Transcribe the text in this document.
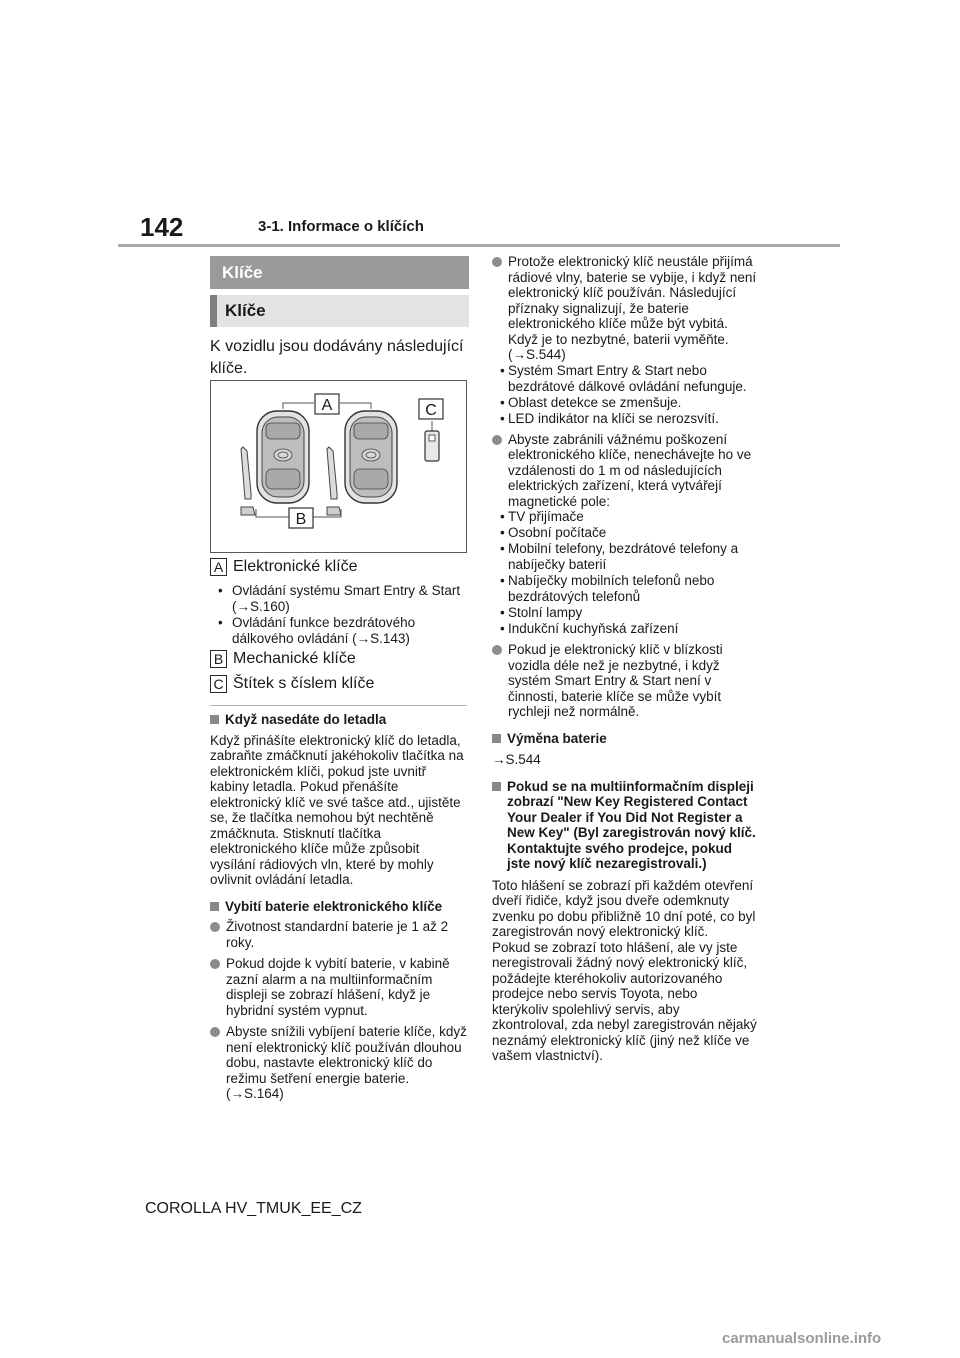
142	3-1. Informace o klíčích
Klíče
Klíče
K vozidlu jsou dodávány následující klíče.
A
B
C
A Elektronické klíče
• Ovládání systému Smart Entry & Start (→S.160)
• Ovládání funkce bezdrátového dálkového ovládání (→S.143)
B Mechanické klíče
C Štítek s číslem klíče
Když nasedáte do letadla
Když přinášíte elektronický klíč do letadla, zabraňte zmáčknutí jakéhokoliv tlačítka na elektronickém klíči, pokud jste uvnitř kabiny letadla. Pokud přenášíte elektronický klíč ve své tašce atd., ujistěte se, že tlačítka nemohou být nechtěně zmáčknuta. Stisknutí tlačítka elektronického klíče může způsobit vysílání rádiových vln, které by mohly ovlivnit ovládání letadla.
Vybití baterie elektronického klíče
Životnost standardní baterie je 1 až 2 roky.
Pokud dojde k vybití baterie, v kabině zazní alarm a na multiinformačním displeji se zobrazí hlášení, když je hybridní systém vypnut.
Abyste snížili vybíjení baterie klíče, když není elektronický klíč používán dlouhou dobu, nastavte elektronický klíč do režimu šetření energie baterie. (→S.164)
Protože elektronický klíč neustále přijímá rádiové vlny, baterie se vybije, i když není elektronický klíč používán. Následující příznaky signalizují, že baterie elektronického klíče může být vybitá. Když je to nezbytné, baterii vyměňte. (→S.544)
• Systém Smart Entry & Start nebo bezdrátové dálkové ovládání nefunguje.
• Oblast detekce se zmenšuje.
• LED indikátor na klíči se nerozsvítí.
Abyste zabránili vážnému poškození elektronického klíče, nenechávejte ho ve vzdálenosti do 1 m od následujících elektrických zařízení, která vytvářejí magnetické pole:
• TV přijímače
• Osobní počítače
• Mobilní telefony, bezdrátové telefony a nabíječky baterií
• Nabíječky mobilních telefonů nebo bezdrátových telefonů
• Stolní lampy
• Indukční kuchyňská zařízení
Pokud je elektronický klíč v blízkosti vozidla déle než je nezbytné, i když systém Smart Entry & Start není v činnosti, baterie klíče se může vybít rychleji než normálně.
Výměna baterie
→S.544
Pokud se na multiinformačním displeji zobrazí "New Key Registered Contact Your Dealer if You Did Not Register a New Key" (Byl zaregistrován nový klíč. Kontaktujte svého prodejce, pokud jste nový klíč nezaregistrovali.)
Toto hlášení se zobrazí při každém otevření dveří řidiče, když jsou dveře odemknuty zvenku po dobu přibližně 10 dní poté, co byl zaregistrován nový elektronický klíč.
Pokud se zobrazí toto hlášení, ale vy jste neregistrovali žádný nový elektronický klíč, požádejte kteréhokoliv autorizovaného prodejce nebo servis Toyota, nebo kterýkoliv spolehlivý servis, aby zkontroloval, zda nebyl zaregistrován nějaký neznámý elektronický klíč (jiný než klíče ve vašem vlastnictví).
COROLLA HV_TMUK_EE_CZ
carmanualsonline.info
